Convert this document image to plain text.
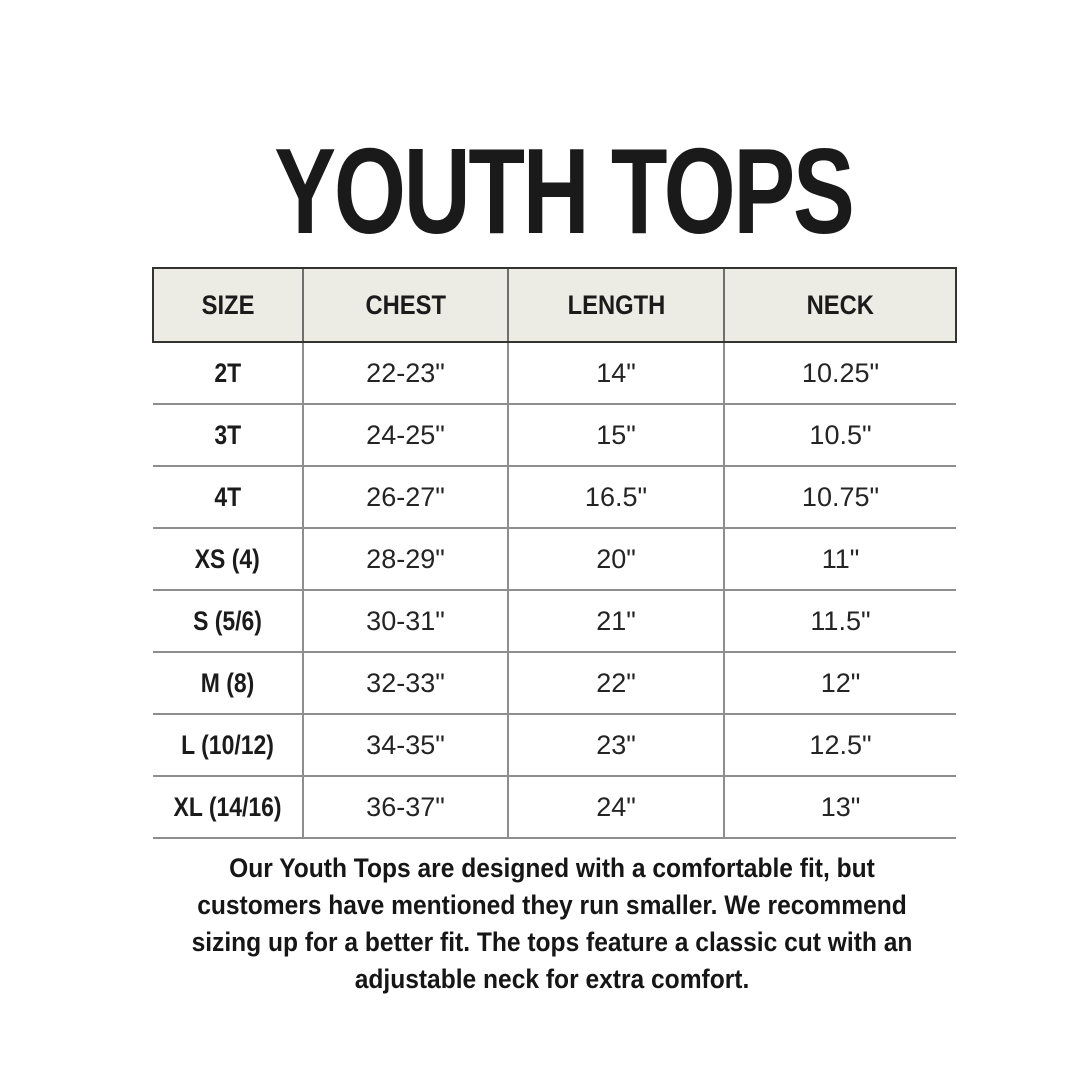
YOUTH TOPS
SIZE	CHEST	LENGTH	NECK
2T	22-23"	14"	10.25"
3T	24-25"	15"	10.5"
4T	26-27"	16.5"	10.75"
XS (4)	28-29"	20"	11"
S (5/6)	30-31"	21"	11.5"
M (8)	32-33"	22"	12"
L (10/12)	34-35"	23"	12.5"
XL (14/16)	36-37"	24"	13"
Our Youth Tops are designed with a comfortable fit, but
customers have mentioned they run smaller. We recommend
sizing up for a better fit. The tops feature a classic cut with an
adjustable neck for extra comfort.
